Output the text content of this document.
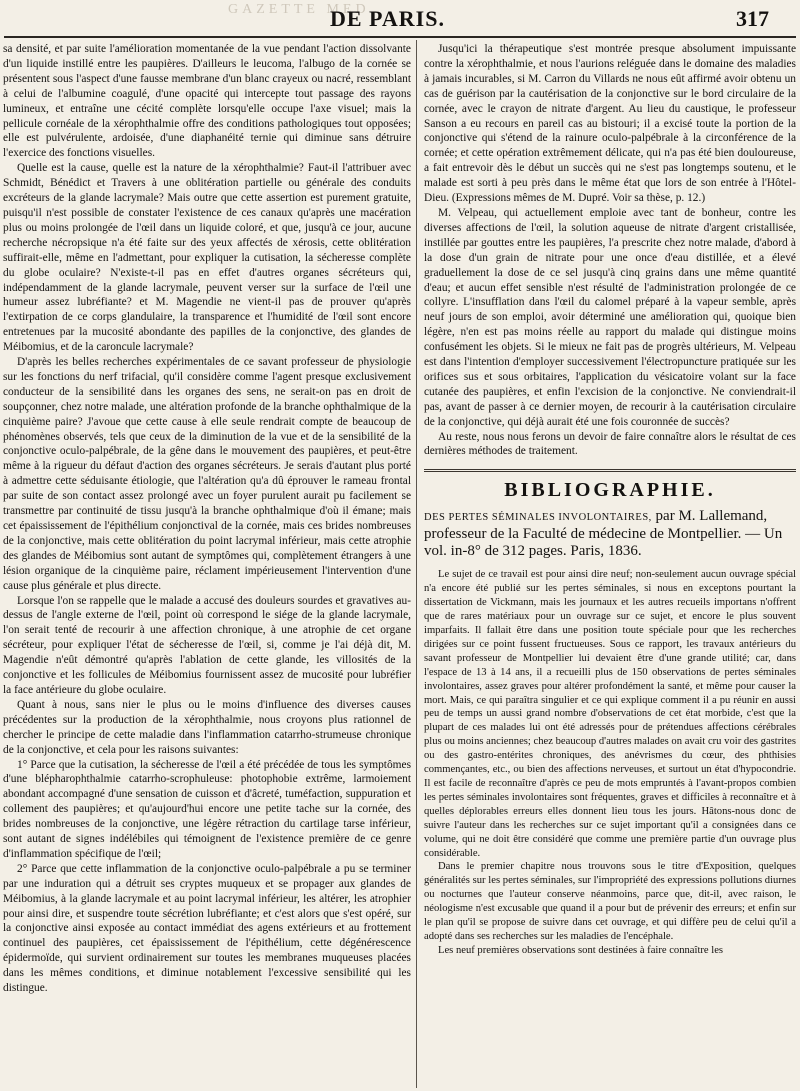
GAZETTE MED
DE PARIS.	317

sa densité, et par suite l'amélioration momentanée de la vue pendant l'action dissolvante d'un liquide instillé entre les paupières. D'ailleurs le leucoma, l'albugo de la cornée se présentent sous l'aspect d'une fausse membrane d'un blanc crayeux ou nacré, ressemblant à celui de l'albumine coagulé, d'une opacité qui intercepte tout passage des rayons lumineux, et entraîne une cécité complète lorsqu'elle occupe l'axe visuel; mais la pellicule cornéale de la xérophthalmie offre des conditions pathologiques tout opposées; elle est pulvérulente, ardoisée, d'une diaphanéité ternie qui diminue sans détruire l'exercice des fonctions visuelles.

Quelle est la cause, quelle est la nature de la xérophthalmie? Faut-il l'attribuer avec Schmidt, Bénédict et Travers à une oblitération partielle ou générale des conduits excréteurs de la glande lacrymale? Mais outre que cette assertion est purement gratuite, puisqu'il n'est possible de constater l'existence de ces canaux qu'après une macération plus ou moins prolongée de l'œil dans un liquide coloré, et que, jusqu'à ce jour, aucune recherche nécropsique n'a été faite sur des yeux affectés de xérosis, cette oblitération suffirait-elle, même en l'admettant, pour expliquer la cutisation, la sécheresse complète du globe oculaire? N'existe-t-il pas en effet d'autres organes sécréteurs qui, indépendamment de la glande lacrymale, peuvent verser sur la surface de l'œil une humeur assez lubréfiante? et M. Magendie ne vient-il pas de prouver qu'après l'extirpation de ce corps glandulaire, la transparence et l'humidité de l'œil sont encore entretenues par la mucosité abondante des papilles de la conjonctive, des glandes de Méibomius, et de la caroncule lacrymale?

D'après les belles recherches expérimentales de ce savant professeur de physiologie sur les fonctions du nerf trifacial, qu'il considère comme l'agent presque exclusivement conducteur de la sensibilité dans les organes des sens, ne serait-on pas en droit de soupçonner, chez notre malade, une altération profonde de la branche ophthalmique de la cinquième paire? J'avoue que cette cause à elle seule rendrait compte de beaucoup de phénomènes observés, tels que ceux de la diminution de la vue et de la sensibilité de la conjonctive oculo-palpébrale, de la gêne dans le mouvement des paupières, et peut-être même à la rigueur du défaut d'action des organes sécréteurs. Je serais d'autant plus porté à admettre cette séduisante étiologie, que l'altération qu'a dû éprouver le rameau frontal par suite de son contact assez prolongé avec un foyer purulent aurait pu facilement se transmettre par continuité de tissu jusqu'à la branche ophthalmique d'où il émane; mais cet épaississement de l'épithélium conjonctival de la cornée, mais ces brides nombreuses de la conjonctive, mais cette oblitération du point lacrymal inférieur, mais cette atrophie des glandes de Méibomius sont autant de symptômes qui, complètement étrangers à une lésion organique de la cinquième paire, réclament impérieusement l'intervention d'une cause plus générale et plus directe.

Lorsque l'on se rappelle que le malade a accusé des douleurs sourdes et gravatives au-dessus de l'angle externe de l'œil, point où correspond le siége de la glande lacrymale, l'on serait tenté de recourir à une affection chronique, à une atrophie de cet organe sécréteur, pour expliquer l'état de sécheresse de l'œil, si, comme je l'ai déjà dit, M. Magendie n'eût démontré qu'après l'ablation de cette glande, les villosités de la conjonctive et les follicules de Méibomius fournissent assez de mucosité pour lubréfier la face antérieure du globe oculaire.

Quant à nous, sans nier le plus ou le moins d'influence des diverses causes précédentes sur la production de la xérophthalmie, nous croyons plus rationnel de chercher le principe de cette maladie dans l'inflammation catarrho-strumeuse chronique de la conjonctive, et cela pour les raisons suivantes:

1° Parce que la cutisation, la sécheresse de l'œil a été précédée de tous les symptômes d'une blépharophthalmie catarrho-scrophuleuse: photophobie extrême, larmoiement abondant accompagné d'une sensation de cuisson et d'âcreté, tuméfaction, suppuration et collement des paupières; et qu'aujourd'hui encore une petite tache sur la cornée, des brides nombreuses de la conjonctive, une légère rétraction du cartilage tarse inférieur, sont autant de signes indélébiles qui témoignent de l'existence première de ce genre d'inflammation spécifique de l'œil;

2° Parce que cette inflammation de la conjonctive oculo-palpébrale a pu se terminer par une induration qui a détruit ses cryptes muqueux et se propager aux glandes de Méibomius, à la glande lacrymale et au point lacrymal inférieur, les altérer, les atrophier pour ainsi dire, et suspendre toute sécrétion lubréfiante; et c'est alors que s'est opéré, sur la conjonctive ainsi exposée au contact immédiat des agens extérieurs et au frottement continuel des paupières, cet épaississement de l'épithélium, cette dégénérescence épidermoïde, qui survient ordinairement sur toutes les membranes muqueuses placées dans les mêmes conditions, et diminue notablement l'excessive sensibilité qui les distingue.

Jusqu'ici la thérapeutique s'est montrée presque absolument impuissante contre la xérophthalmie, et nous l'aurions reléguée dans le domaine des maladies à jamais incurables, si M. Carron du Villards ne nous eût affirmé avoir obtenu un cas de guérison par la cautérisation de la conjonctive sur le bord circulaire de la cornée, avec le crayon de nitrate d'argent. Au lieu du caustique, le professeur Sanson a eu recours en pareil cas au bistouri; il a excisé toute la portion de la conjonctive qui s'étend de la rainure oculo-palpébrale à la circonférence de la cornée; et cette opération extrêmement délicate, qui n'a pas été bien douloureuse, a fait entrevoir dès le début un succès qui ne s'est pas longtemps soutenu, et le malade est sorti à peu près dans le même état que lors de son entrée à l'Hôtel-Dieu. (Expressions mêmes de M. Dupré. Voir sa thèse, p. 12.)

M. Velpeau, qui actuellement emploie avec tant de bonheur, contre les diverses affections de l'œil, la solution aqueuse de nitrate d'argent cristallisée, instillée par gouttes entre les paupières, l'a prescrite chez notre malade, d'abord à la dose d'un grain de nitrate pour une once d'eau distillée, et a élevé graduellement la dose de ce sel jusqu'à cinq grains dans une même quantité d'eau; et aucun effet sensible n'est résulté de l'administration prolongée de ce collyre. L'insufflation dans l'œil du calomel préparé à la vapeur semble, après neuf jours de son emploi, avoir déterminé une amélioration qui, quoique bien légère, n'en est pas moins réelle au rapport du malade qui distingue moins confusément les objets. Si le mieux ne fait pas de progrès ultérieurs, M. Velpeau est dans l'intention d'employer successivement l'électropuncture pratiquée sur les orifices sus et sous orbitaires, l'application du vésicatoire volant sur la face cutanée des paupières, et enfin l'excision de la conjonctive. Ne conviendrait-il pas, avant de passer à ce dernier moyen, de recourir à la cautérisation circulaire de la conjonctive, qui déjà aurait été une fois couronnée de succès?

Au reste, nous nous ferons un devoir de faire connaître alors le résultat de ces dernières méthodes de traitement.

BIBLIOGRAPHIE.
DES PERTES SÉMINALES INVOLONTAIRES, par M. Lallemand, professeur de la Faculté de médecine de Montpellier. — Un vol. in-8° de 312 pages. Paris, 1836.

Le sujet de ce travail est pour ainsi dire neuf; non-seulement aucun ouvrage spécial n'a encore été publié sur les pertes séminales, si nous en exceptons pourtant la dissertation de Vickmann, mais les journaux et les autres recueils importans n'offrent que de rares matériaux pour un ouvrage sur ce sujet, et encore le plus souvent imparfaits. Il fallait être dans une position toute spéciale pour que les recherches dirigées sur ce point fussent fructueuses. Sous ce rapport, les travaux antérieurs du savant professeur de Montpellier lui devaient être d'une grande utilité; car, dans l'espace de 13 à 14 ans, il a recueilli plus de 150 observations de pertes séminales involontaires, assez graves pour altérer profondément la santé, et même pour causer la mort. Mais, ce qui paraîtra singulier et ce qui explique comment il a pu réunir en aussi peu de temps un aussi grand nombre d'observations de cet état morbide, c'est que la plupart de ces malades lui ont été adressés pour de prétendues affections cérébrales plus ou moins anciennes; chez beaucoup d'autres malades on avait cru voir des gastrites ou des gastro-entérites chroniques, des anévrismes du cœur, des phthisies commençantes, etc., ou bien des affections nerveuses, et surtout un état d'hypocondrie. Il est facile de reconnaître d'après ce peu de mots empruntés à l'avant-propos combien les pertes séminales involontaires sont fréquentes, graves et difficiles à reconnaître et à quelles déplorables erreurs elles donnent lieu tous les jours. Hâtons-nous donc de suivre l'auteur dans les recherches sur ce sujet important qu'il a consignées dans ce volume, qui ne doit être considéré que comme une première partie d'un ouvrage plus considérable.

Dans le premier chapitre nous trouvons sous le titre d'Exposition, quelques généralités sur les pertes séminales, sur l'impropriété des expressions pollutions diurnes ou nocturnes que l'auteur conserve néanmoins, parce que, dit-il, avec raison, le néologisme n'est excusable que quand il a pour but de prévenir des erreurs; et enfin sur le plan qu'il se propose de suivre dans cet ouvrage, et qui diffère peu de celui qu'il a adopté dans ses recherches sur les maladies de l'encéphale.

Les neuf premières observations sont destinées à faire connaître les
